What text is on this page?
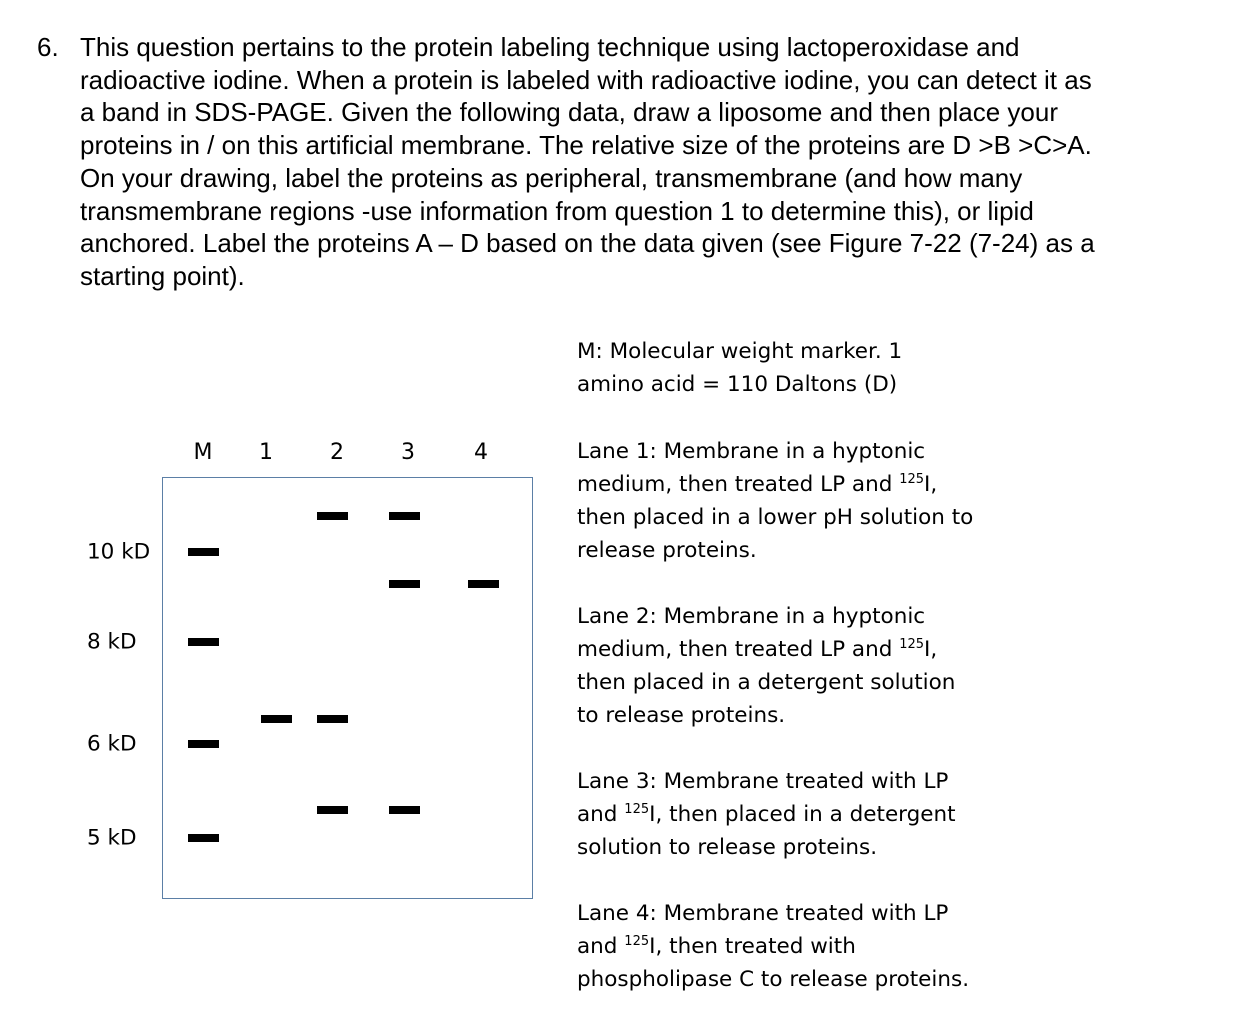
6. This question pertains to the protein labeling technique using lactoperoxidase and
radioactive iodine. When a protein is labeled with radioactive iodine, you can detect it as
a band in SDS-PAGE. Given the following data, draw a liposome and then place your
proteins in / on this artificial membrane. The relative size of the proteins are D >B >C>A.
On your drawing, label the proteins as peripheral, transmembrane (and how many
transmembrane regions -use information from question 1 to determine this), or lipid
anchored. Label the proteins A – D based on the data given (see Figure 7-22 (7-24) as a
starting point).
M: Molecular weight marker. 1
amino acid = 110 Daltons (D)
Lane 1: Membrane in a hyptonic
medium, then treated LP and $^{125}$I,
then placed in a lower pH solution to
release proteins.
Lane 2: Membrane in a hyptonic
medium, then treated LP and $^{125}$I,
then placed in a detergent solution
to release proteins.
Lane 3: Membrane treated with LP
and $^{125}$I, then placed in a detergent
solution to release proteins.
Lane 4: Membrane treated with LP
and $^{125}$I, then treated with
phospholipase C to release proteins.
M 1	2	3	4
10 kD
8 kD
6 kD
5 kD
